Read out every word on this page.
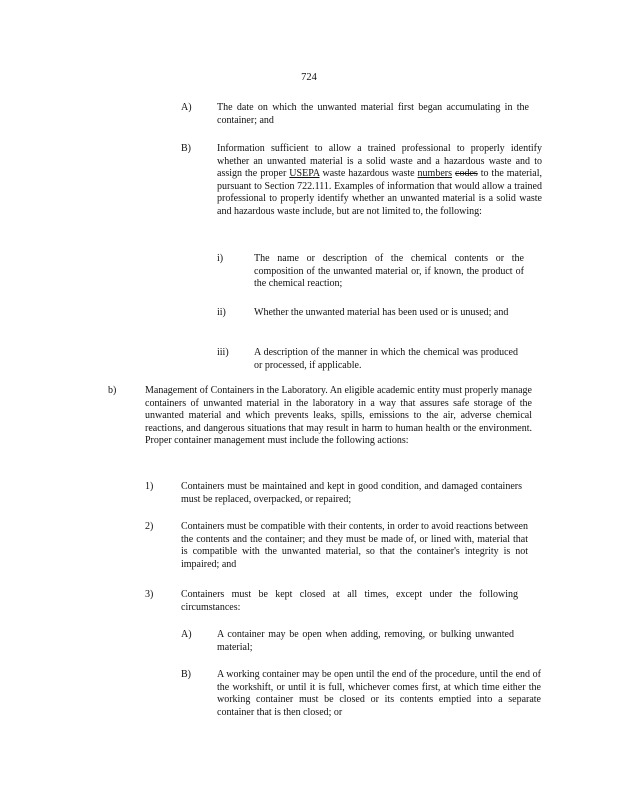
724
A)	The date on which the unwanted material first began accumulating in the container; and
B)	Information sufficient to allow a trained professional to properly identify whether an unwanted material is a solid waste and a hazardous waste and to assign the proper USEPA waste hazardous waste numbers codes to the material, pursuant to Section 722.111. Examples of information that would allow a trained professional to properly identify whether an unwanted material is a solid waste and hazardous waste include, but are not limited to, the following:
i)	The name or description of the chemical contents or the composition of the unwanted material or, if known, the product of the chemical reaction;
ii)	Whether the unwanted material has been used or is unused; and
iii)	A description of the manner in which the chemical was produced or processed, if applicable.
b)	Management of Containers in the Laboratory. An eligible academic entity must properly manage containers of unwanted material in the laboratory in a way that assures safe storage of the unwanted material and which prevents leaks, spills, emissions to the air, adverse chemical reactions, and dangerous situations that may result in harm to human health or the environment. Proper container management must include the following actions:
1)	Containers must be maintained and kept in good condition, and damaged containers must be replaced, overpacked, or repaired;
2)	Containers must be compatible with their contents, in order to avoid reactions between the contents and the container; and they must be made of, or lined with, material that is compatible with the unwanted material, so that the container's integrity is not impaired; and
3)	Containers must be kept closed at all times, except under the following circumstances:
A)	A container may be open when adding, removing, or bulking unwanted material;
B)	A working container may be open until the end of the procedure, until the end of the workshift, or until it is full, whichever comes first, at which time either the working container must be closed or its contents emptied into a separate container that is then closed; or
